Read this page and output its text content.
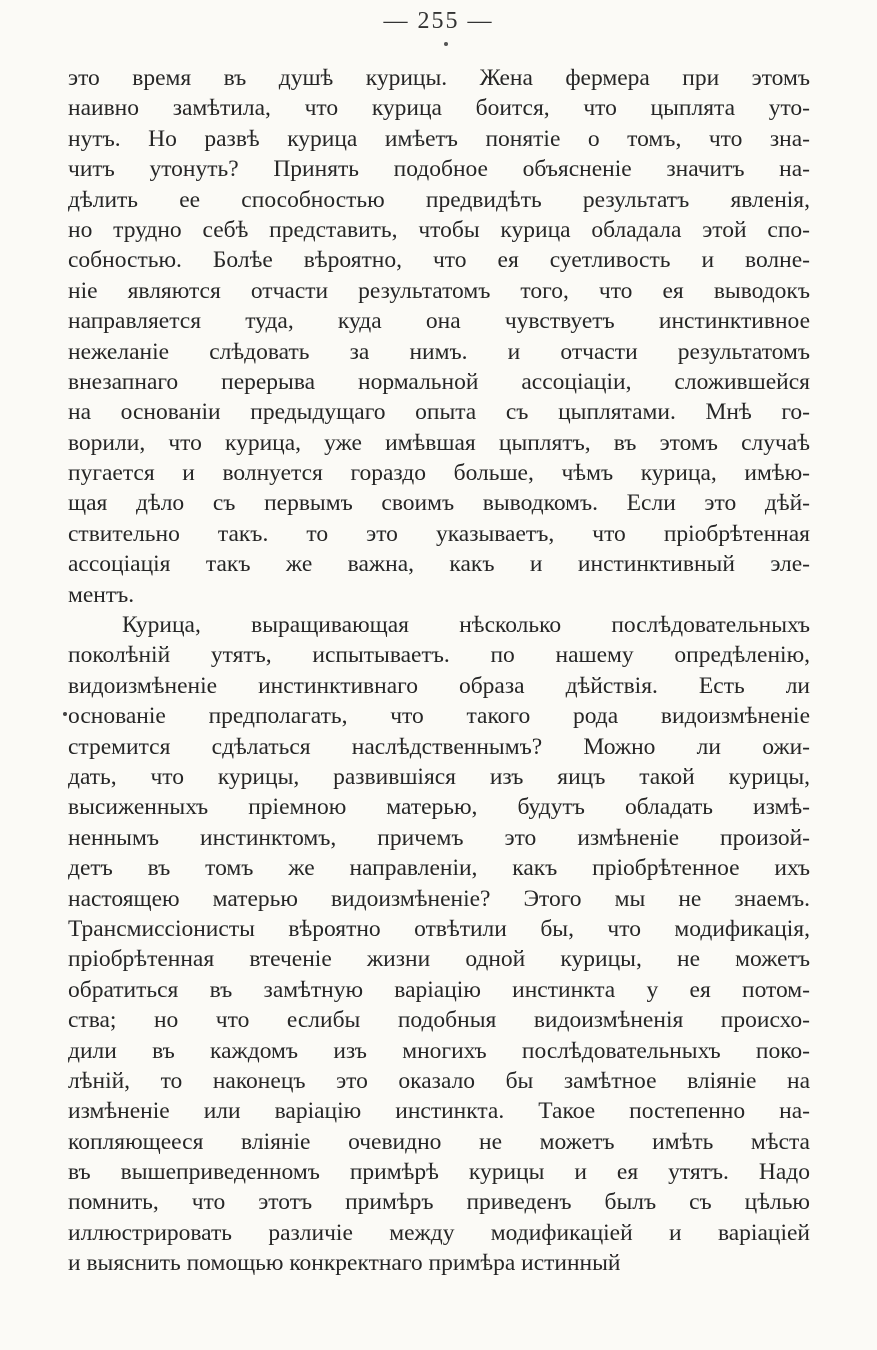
— 255 —
это время въ душѣ курицы. Жена фермера при этомъ
наивно замѣтила, что курица боится, что цыплята уто-
нутъ. Но развѣ курица имѣетъ понятіе о томъ, что зна-
читъ утонуть? Принять подобное объясненіе значитъ на-
дѣлить ее способностью предвидѣть результатъ явленія,
но трудно себѣ представить, чтобы курица обладала этой спо-
собностью. Болѣе вѣроятно, что ея суетливость и волне-
ніе являются отчасти результатомъ того, что ея выводокъ
направляется туда, куда она чувствуетъ инстинктивное
нежеланіе слѣдовать за нимъ. и отчасти результатомъ
внезапнаго перерыва нормальной ассоціаціи, сложившейся
на основаніи предыдущаго опыта съ цыплятами. Мнѣ го-
ворили, что курица, уже имѣвшая цыплятъ, въ этомъ случаѣ
пугается и волнуется гораздо больше, чѣмъ курица, имѣю-
щая дѣло съ первымъ своимъ выводкомъ. Если это дѣй-
ствительно такъ. то это указываетъ, что пріобрѣтенная
ассоціація такъ же важна, какъ и инстинктивный эле-
ментъ.
Курица, выращивающая нѣсколько послѣдовательныхъ
поколѣній утятъ, испытываетъ. по нашему опредѣленію,
видоизмѣненіе инстинктивнаго образа дѣйствія. Есть ли
основаніе предполагать, что такого рода видоизмѣненіе
стремится сдѣлаться наслѣдственнымъ? Можно ли ожи-
дать, что курицы, развившіяся изъ яицъ такой курицы,
высиженныхъ пріемною матерью, будутъ обладать измѣ-
неннымъ инстинктомъ, причемъ это измѣненіе произой-
детъ въ томъ же направленіи, какъ пріобрѣтенное ихъ
настоящею матерью видоизмѣненіе? Этого мы не знаемъ.
Трансмиссіонисты вѣроятно отвѣтили бы, что модификація,
пріобрѣтенная втеченіе жизни одной курицы, не можетъ
обратиться въ замѣтную варіацію инстинкта у ея потом-
ства; но что еслибы подобныя видоизмѣненія происхо-
дили въ каждомъ изъ многихъ послѣдовательныхъ поко-
лѣній, то наконецъ это оказало бы замѣтное вліяніе на
измѣненіе или варіацію инстинкта. Такое постепенно на-
копляющееся вліяніе очевидно не можетъ имѣть мѣста
въ вышеприведенномъ примѣрѣ курицы и ея утятъ. Надо
помнить, что этотъ примѣръ приведенъ былъ съ цѣлью
иллюстрировать различіе между модификаціей и варіаціей
и выяснить помощью конкректнаго примѣра истинный
